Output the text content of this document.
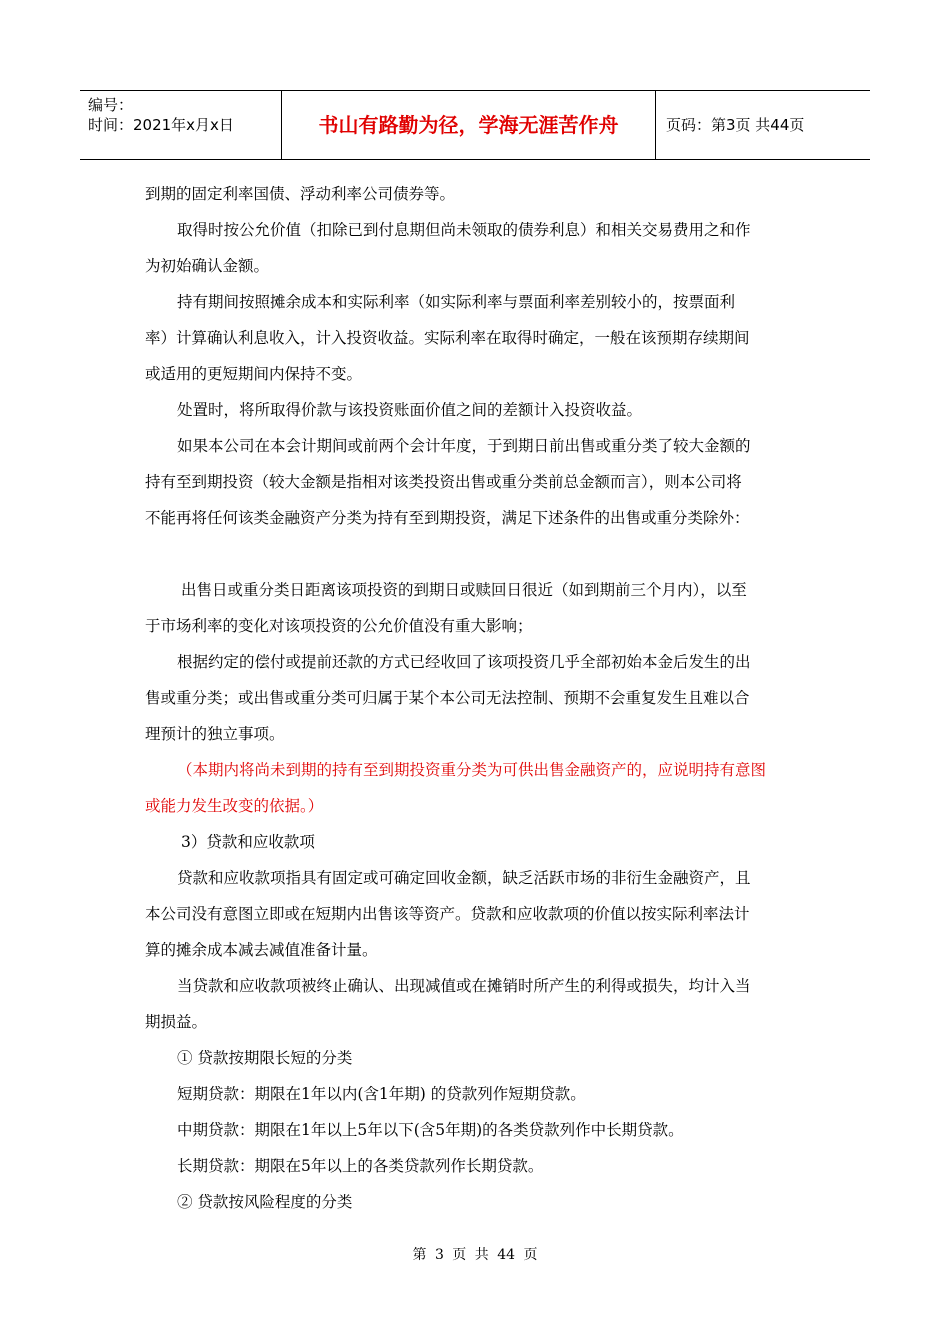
编号：
时间：2021年x月x日	书山有路勤为径，学海无涯苦作舟	页码：第3页 共44页
到期的固定利率国债、浮动利率公司债券等。
取得时按公允价值（扣除已到付息期但尚未领取的债券利息）和相关交易费用之和作
为初始确认金额。
持有期间按照摊余成本和实际利率（如实际利率与票面利率差别较小的，按票面利
率）计算确认利息收入，计入投资收益。实际利率在取得时确定，一般在该预期存续期间
或适用的更短期间内保持不变。
处置时，将所取得价款与该投资账面价值之间的差额计入投资收益。
如果本公司在本会计期间或前两个会计年度，于到期日前出售或重分类了较大金额的
持有至到期投资（较大金额是指相对该类投资出售或重分类前总金额而言），则本公司将
不能再将任何该类金融资产分类为持有至到期投资，满足下述条件的出售或重分类除外：
出售日或重分类日距离该项投资的到期日或赎回日很近（如到期前三个月内），以至
于市场利率的变化对该项投资的公允价值没有重大影响；
根据约定的偿付或提前还款的方式已经收回了该项投资几乎全部初始本金后发生的出
售或重分类；或出售或重分类可归属于某个本公司无法控制、预期不会重复发生且难以合
理预计的独立事项。
（本期内将尚未到期的持有至到期投资重分类为可供出售金融资产的，应说明持有意图
或能力发生改变的依据。）
3）贷款和应收款项
贷款和应收款项指具有固定或可确定回收金额，缺乏活跃市场的非衍生金融资产，且
本公司没有意图立即或在短期内出售该等资产。贷款和应收款项的价值以按实际利率法计
算的摊余成本减去减值准备计量。
当贷款和应收款项被终止确认、出现减值或在摊销时所产生的利得或损失，均计入当
期损益。
① 贷款按期限长短的分类
短期贷款：期限在1年以内(含1年期) 的贷款列作短期贷款。
中期贷款：期限在1年以上5年以下(含5年期)的各类贷款列作中长期贷款。
长期贷款：期限在5年以上的各类贷款列作长期贷款。
② 贷款按风险程度的分类
第 3 页 共 44 页
